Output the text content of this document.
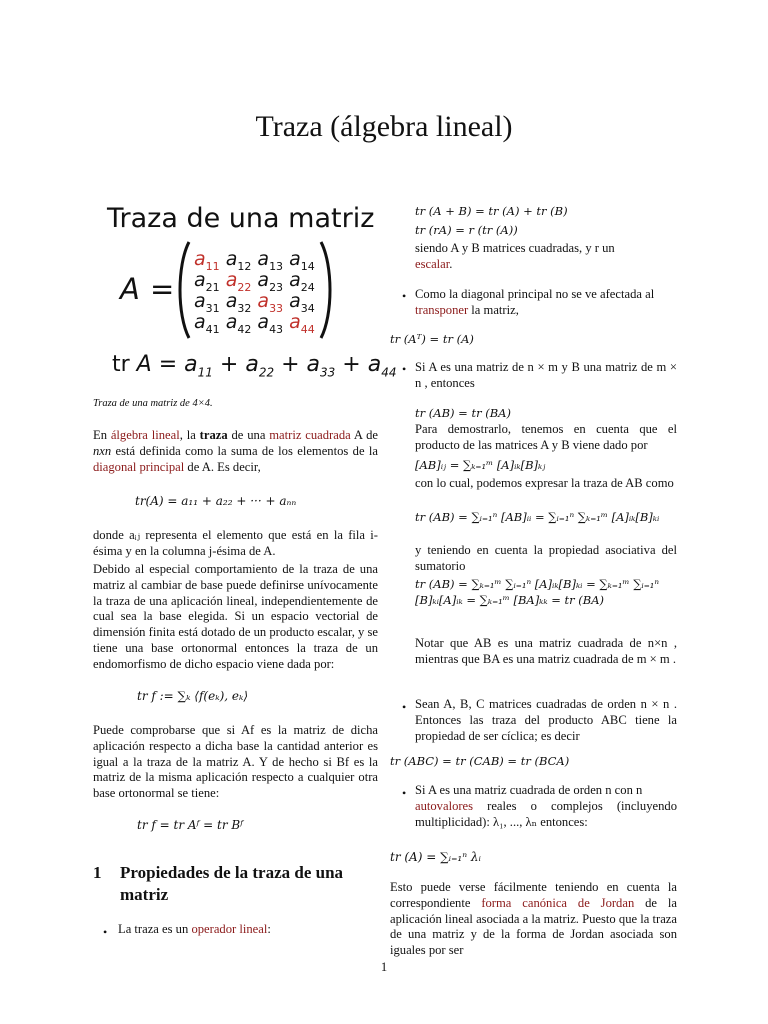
Traza (álgebra lineal)
Traza de una matriz
A =
$a_{11}$ $a_{12}$ $a_{13}$ $a_{14}$
$a_{21}$ $a_{22}$ $a_{23}$ $a_{24}$
$a_{31}$ $a_{32}$ $a_{33}$ $a_{34}$
$a_{41}$ $a_{42}$ $a_{43}$ $a_{44}$
tr $A = a_{11} + a_{22} + a_{33} + a_{44}$
Traza de una matriz de 4×4.
En álgebra lineal, la traza de una matriz cuadrada A de nxn está definida como la suma de los elementos de la diagonal principal de A. Es decir,
tr(A) = a₁₁ + a₂₂ + ··· + aₙₙ
donde aᵢⱼ representa el elemento que está en la fila i-ésima y en la columna j-ésima de A.
Debido al especial comportamiento de la traza de una matriz al cambiar de base puede definirse unívocamente la traza de una aplicación lineal, independientemente de cual sea la base elegida. Si un espacio vectorial de dimensión finita está dotado de un producto escalar, y se tiene una base ortonormal entonces la traza de un endomorfismo de dicho espacio viene dada por:
tr f := ∑ₖ ⟨f(eₖ), eₖ⟩
Puede comprobarse que si Af es la matriz de dicha aplicación respecto a dicha base la cantidad anterior es igual a la traza de la matriz A. Y de hecho si Bf es la matriz de la misma aplicación respecto a cualquier otra base ortonormal se tiene:
tr f = tr Aᶠ = tr Bᶠ
1 Propiedades de la traza de una matriz
• La traza es un operador lineal:
tr (A + B) = tr (A) + tr (B)
tr (rA) = r (tr (A))
siendo A y B matrices cuadradas, y r un
escalar.
• Como la diagonal principal no se ve afectada al
transponer la matriz,
tr (Aᵀ) = tr (A)
• Si A es una matriz de n × m y B una matriz de m × n , entonces
tr (AB) = tr (BA)
Para demostrarlo, tenemos en cuenta que el producto de las matrices A y B viene dado por
[AB]ᵢⱼ = ∑ₖ₌₁ᵐ [A]ᵢₖ[B]ₖⱼ
con lo cual, podemos expresar la traza de AB como
tr (AB) = ∑ᵢ₌₁ⁿ [AB]ᵢᵢ = ∑ᵢ₌₁ⁿ ∑ₖ₌₁ᵐ [A]ᵢₖ[B]ₖᵢ
y teniendo en cuenta la propiedad asociativa del sumatorio
tr (AB) = ∑ₖ₌₁ᵐ ∑ᵢ₌₁ⁿ [A]ᵢₖ[B]ₖᵢ = ∑ₖ₌₁ᵐ ∑ᵢ₌₁ⁿ [B]ₖᵢ[A]ᵢₖ = ∑ₖ₌₁ᵐ [BA]ₖₖ = tr (BA)
Notar que AB es una matriz cuadrada de n×n , mientras que BA es una matriz cuadrada de m × m .
• Sean A, B, C matrices cuadradas de orden n × n . Entonces las traza del producto ABC tiene la propiedad de ser cíclica; es decir
tr (ABC) = tr (CAB) = tr (BCA)
• Si A es una matriz cuadrada de orden n con n
autovalores reales o complejos (incluyendo multiplicidad): λ₁, ..., λₙ entonces:
tr (A) = ∑ᵢ₌₁ⁿ λᵢ
Esto puede verse fácilmente teniendo en cuenta la correspondiente forma canónica de Jordan de la aplicación lineal asociada a la matriz. Puesto que la traza de una matriz y de la forma de Jordan asociada son iguales por ser
1
